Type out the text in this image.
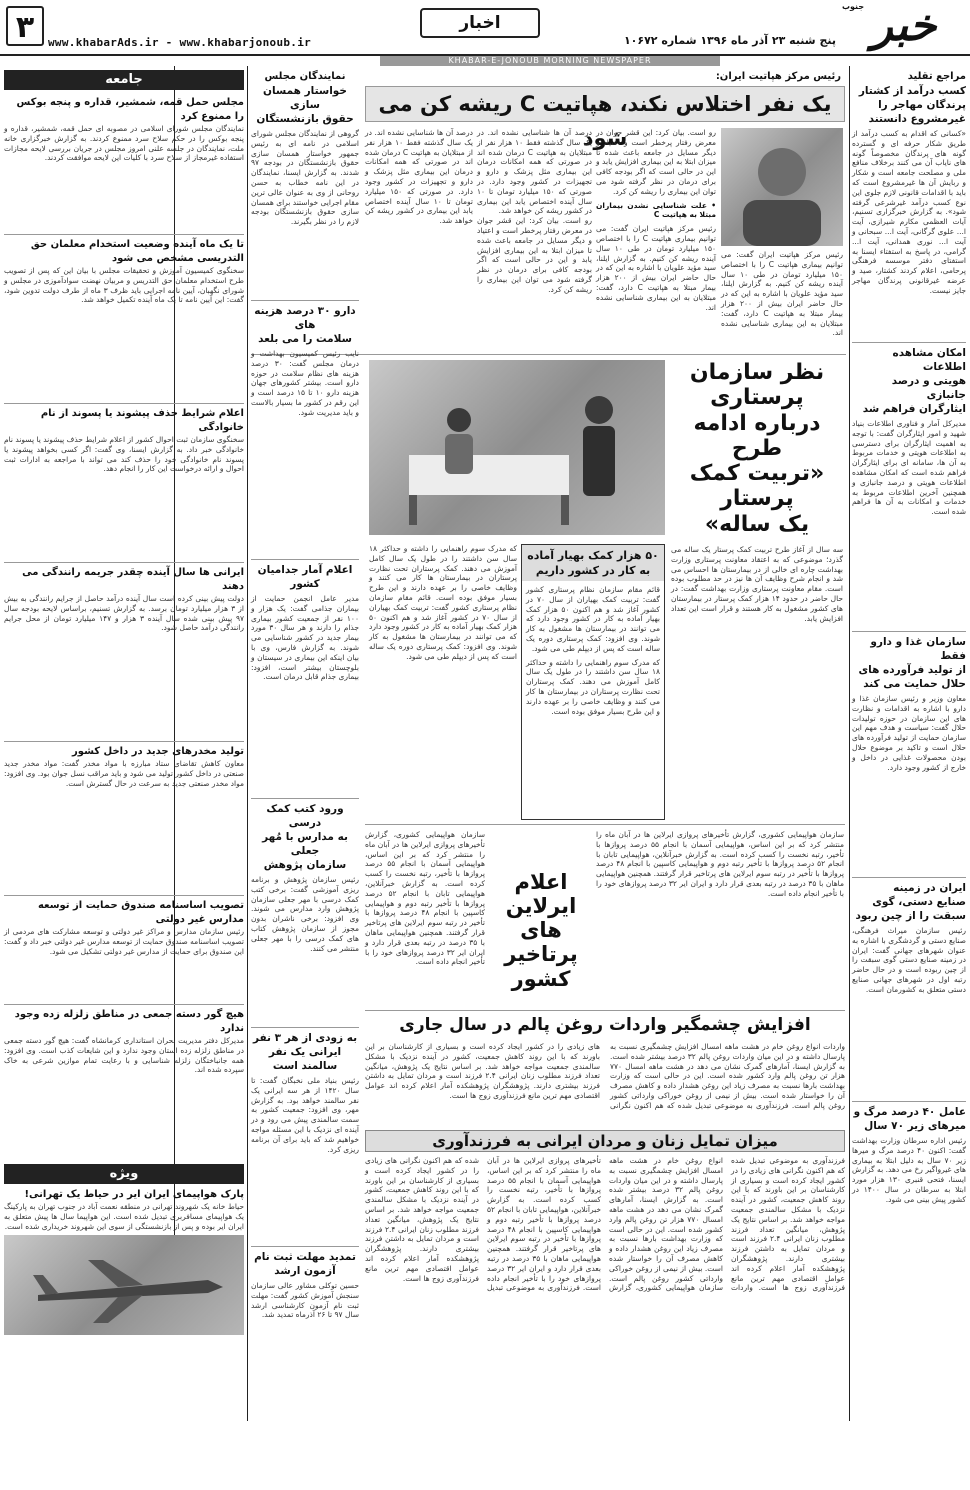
۳	www.khabarAds.ir - www.khabarjonoub.ir
اخبار	خبر
جنوب
پنج شنبه ۲۳ آذر ماه ۱۳۹۶ شماره ۱۰۶۷۲
KHABAR-E-JONOUB MORNING NEWSPAPER
مراجع تقلید
کسب درآمد از کشتار
پرندگان مهاجر را
غیرمشروع دانستند
«کسانی که اقدام به کسب درآمد از طریق شکار حرفه ای و گسترده گونه های پرندگان مخصوصاً گونه های نایاب آن می کنند برخلاف منافع ملی و مصلحت جامعه است و شکار و ربایش آن ها غیرمشروع است که باید با اقدامات قانونی لازم جلوی این نوع کسب درآمد غیرشرعی گرفته شود». به گزارش خبرگزاری تسنیم، آیات العظمی مکارم شیرازی، آیت ا... علوی گرگانی، آیت ا... سبحانی و آیت ا... نوری همدانی، آیت ا... گرامی، در پاسخ به استفتاء ایسنا به استفتای دفتر موسسه فرهنگی پرحامی، اعلام کردند کشتار، صید و عرضه غیرقانونی پرندگان مهاجر جایز نیست.
امکان مشاهده اطلاعات
هویتی و درصد جانبازی
ایثارگران فراهم شد
مدیرکل آمار و فناوری اطلاعات بنیاد شهید و امور ایثارگران گفت: با توجه به اهمیت ایثارگران برای دسترسی به اطلاعات هویتی و خدمات مربوط به آن ها، سامانه ای برای ایثارگران فراهم شده است که امکان مشاهده اطلاعات هویتی و درصد جانبازی و همچنین آخرین اطلاعات مربوط به خدمات و امکانات به آن ها فراهم شده است.
سازمان غذا و دارو فقط
از تولید فرآورده های
حلال حمایت می کند
معاون وزیر و رئیس سازمان غذا و دارو با اشاره به اقدامات و نظارت های این سازمان در حوزه تولیدات حلال گفت: سیاست و هدف مهم این سازمان حمایت از تولید فرآورده های حلال است و تاکید بر موضوع حلال بودن محصولات غذایی در داخل و خارج از کشور وجود دارد.
ایران در زمینه
صنایع دستی، گوی
سبقت را از چین ربود
رئیس سازمان میراث فرهنگی، صنایع دستی و گردشگری با اشاره به عنوان شهرهای جهانی گفت: ایران در زمینه صنایع دستی گوی سبقت را از چین ربوده است و در حال حاضر رتبه اول در شهرهای جهانی صنایع دستی متعلق به کشورمان است.
عامل ۴۰ درصد مرگ و
میرهای زیر ۷۰ سال
رئیس اداره سرطان وزارت بهداشت گفت: اکنون ۴۰ درصد مرگ و میرها زیر ۷۰ سال به دلیل ابتلا به بیماری های غیرواگیر رخ می دهد. به گزارش ایسنا، فتحی قنبری ۱۳۰ هزار مورد ابتلا به سرطان در سال ۱۴۰۰ در کشور پیش بینی می شود.
رئیس مرکز هپاتیت ایران:
یک نفر اختلاس نکند، هپاتیت C ریشه کن می شود
رئیس مرکز هپاتیت ایران گفت: می توانیم بیماری هپاتیت C را با اختصاص ۱۵۰ میلیارد تومان در طی ۱۰ سال آینده ریشه کن کنیم. به گزارش ایلنا، سید مؤید علویان با اشاره به این که در حال حاضر ایران بیش از ۲۰۰ هزار بیمار مبتلا به هپاتیت C دارد، گفت: مبتلایان به این بیماری شناسایی نشده اند.
رو است. بیان کرد: این قشر جوان در معرض رفتار پرخطر است و اعتیاد و دیگر مسایل در جامعه باعث شده تا میزان ابتلا به این بیماری افزایش یابد و این در حالی است که اگر بودجه کافی برای درمان در نظر گرفته شود می توان این بیماری را ریشه کن کرد.
• علت شناسایی نشدن بیماران مبتلا به هپاتیت C
رئیس مرکز هپاتیت ایران گفت: می توانیم بیماری هپاتیت C را با اختصاص ۱۵۰ میلیارد تومان در طی ۱۰ سال آینده ریشه کن کنیم. به گزارش ایلنا، سید مؤید علویان با اشاره به این که در حال حاضر ایران بیش از ۲۰۰ هزار بیمار مبتلا به هپاتیت C دارد، گفت: مبتلایان به این بیماری شناسایی نشده اند.
درصد آن ها شناسایی نشده اند. در یک سال گذشته فقط ۱۰ هزار نفر از مبتلایان به هپاتیت C درمان شده اند در صورتی که همه امکانات درمان این بیماری مثل پزشک و دارو و تجهیزات در کشور وجود دارد. در صورتی که ۱۵۰ میلیارد تومان تا ۱۰ سال آینده اختصاص یابد این بیماری در کشور ریشه کن خواهد شد.
رو است. بیان کرد: این قشر جوان در معرض رفتار پرخطر است و اعتیاد و دیگر مسایل در جامعه باعث شده تا میزان ابتلا به این بیماری افزایش یابد و این در حالی است که اگر بودجه کافی برای درمان در نظر گرفته شود می توان این بیماری را ریشه کن کرد.
درصد آن ها شناسایی نشده اند. در یک سال گذشته فقط ۱۰ هزار نفر از مبتلایان به هپاتیت C درمان شده اند در صورتی که همه امکانات درمان این بیماری مثل پزشک و دارو و تجهیزات در کشور وجود دارد. در صورتی که ۱۵۰ میلیارد تومان تا ۱۰ سال آینده اختصاص یابد این بیماری در کشور ریشه کن خواهد شد.
نظر سازمان پرستاری
درباره ادامه طرح
«تربیت کمک پرستار
یک ساله»
سه سال از آغاز طرح تربیت کمک پرستار یک ساله می گذرد؛ موضوعی که به اعتقاد معاونت پرستاری وزارت بهداشت چاره ای خالی از در بیمارستان ها احساس می شد و انجام شرح وظایف آن ها نیز در حد مطلوب بوده است. مقام معاونت پرستاری وزارت بهداشت گفت: در حال حاضر در حدود ۱۴ هزار کمک پرستار در بیمارستان های کشور مشغول به کار هستند و قرار است این تعداد افزایش یابد.
۵۰ هزار کمک بهیار آماده به کار در کشور داریم
قائم مقام سازمان نظام پرستاری کشور گفت: تربیت کمک بهیاران از سال ۷۰ در کشور آغاز شد و هم اکنون ۵۰ هزار کمک بهیار آماده به کار در کشور وجود دارد که می توانند در بیمارستان ها مشغول به کار شوند. وی افزود: کمک پرستاری دوره یک ساله است که پس از دیپلم طی می شود.
که مدرک سوم راهنمایی را داشته و حداکثر ۱۸ سال سن داشتند را در طول یک سال کامل آموزش می دهند. کمک پرستاران تحت نظارت پرستاران در بیمارستان ها کار می کنند و وظایف خاصی را بر عهده دارند و این طرح بسیار موفق بوده است.
که مدرک سوم راهنمایی را داشته و حداکثر ۱۸ سال سن داشتند را در طول یک سال کامل آموزش می دهند. کمک پرستاران تحت نظارت پرستاران در بیمارستان ها کار می کنند و وظایف خاصی را بر عهده دارند و این طرح بسیار موفق بوده است. قائم مقام سازمان نظام پرستاری کشور گفت: تربیت کمک بهیاران از سال ۷۰ در کشور آغاز شد و هم اکنون ۵۰ هزار کمک بهیار آماده به کار در کشور وجود دارد که می توانند در بیمارستان ها مشغول به کار شوند. وی افزود: کمک پرستاری دوره یک ساله است که پس از دیپلم طی می شود.
سازمان هواپیمایی کشوری، گزارش تأخیرهای پروازی ایرلاین ها در آبان ماه را منتشر کرد که بر این اساس، هواپیمایی آسمان با انجام ۵۵ درصد پروازها با تأخیر، رتبه نخست را کسب کرده است. به گزارش خبرآنلاین، هواپیمایی تابان با انجام ۵۲ درصد پروازها با تأخیر رتبه دوم و هواپیمایی کاسپین با انجام ۴۸ درصد پروازها با تأخیر در رتبه سوم ایرلاین های پرتاخیر قرار گرفتند. همچنین هواپیمایی ماهان با ۳۵ درصد در رتبه بعدی قرار دارد و ایران ایر ۳۲ درصد پروازهای خود را با تأخیر انجام داده است.
اعلام
ایرلاین های
پرتاخیر
کشور
سازمان هواپیمایی کشوری، گزارش تأخیرهای پروازی ایرلاین ها در آبان ماه را منتشر کرد که بر این اساس، هواپیمایی آسمان با انجام ۵۵ درصد پروازها با تأخیر، رتبه نخست را کسب کرده است. به گزارش خبرآنلاین، هواپیمایی تابان با انجام ۵۲ درصد پروازها با تأخیر رتبه دوم و هواپیمایی کاسپین با انجام ۴۸ درصد پروازها با تأخیر در رتبه سوم ایرلاین های پرتاخیر قرار گرفتند. همچنین هواپیمایی ماهان با ۳۵ درصد در رتبه بعدی قرار دارد و ایران ایر ۳۲ درصد پروازهای خود را با تأخیر انجام داده است.
افزایش چشمگیر واردات روغن پالم در سال جاری
واردات انواع روغن خام در هشت ماهه امسال افزایش چشمگیری نسبت به پارسال داشته و در این میان واردات روغن پالم ۳۲ درصد بیشتر شده است. به گزارش ایسنا، آمارهای گمرک نشان می دهد در هشت ماهه امسال ۷۷۰ هزار تن روغن پالم وارد کشور شده است. این در حالی است که وزارت بهداشت بارها نسبت به مصرف زیاد این روغن هشدار داده و کاهش مصرف آن را خواستار شده است. بیش از نیمی از روغن خوراکی وارداتی کشور روغن پالم است. فرزندآوری به موضوعی تبدیل شده که هم اکنون نگرانی های زیادی را در کشور ایجاد کرده است و بسیاری از کارشناسان بر این باورند که با این روند کاهش جمعیت، کشور در آینده نزدیک با مشکل سالمندی جمعیت مواجه خواهد شد. بر اساس نتایج یک پژوهش، میانگین تعداد فرزند مطلوب زنان ایرانی ۲.۴ فرزند است و مردان تمایل به داشتن فرزند بیشتری دارند. پژوهشگران پژوهشکده آمار اعلام کرده اند عوامل اقتصادی مهم ترین مانع فرزندآوری زوج ها است.
میزان تمایل زنان و مردان ایرانی به فرزندآوری
فرزندآوری به موضوعی تبدیل شده که هم اکنون نگرانی های زیادی را در کشور ایجاد کرده است و بسیاری از کارشناسان بر این باورند که با این روند کاهش جمعیت، کشور در آینده نزدیک با مشکل سالمندی جمعیت مواجه خواهد شد. بر اساس نتایج یک پژوهش، میانگین تعداد فرزند مطلوب زنان ایرانی ۲.۴ فرزند است و مردان تمایل به داشتن فرزند بیشتری دارند. پژوهشگران پژوهشکده آمار اعلام کرده اند عوامل اقتصادی مهم ترین مانع فرزندآوری زوج ها است. واردات انواع روغن خام در هشت ماهه امسال افزایش چشمگیری نسبت به پارسال داشته و در این میان واردات روغن پالم ۳۲ درصد بیشتر شده است. به گزارش ایسنا، آمارهای گمرک نشان می دهد در هشت ماهه امسال ۷۷۰ هزار تن روغن پالم وارد کشور شده است. این در حالی است که وزارت بهداشت بارها نسبت به مصرف زیاد این روغن هشدار داده و کاهش مصرف آن را خواستار شده است. بیش از نیمی از روغن خوراکی وارداتی کشور روغن پالم است. سازمان هواپیمایی کشوری، گزارش تأخیرهای پروازی ایرلاین ها در آبان ماه را منتشر کرد که بر این اساس، هواپیمایی آسمان با انجام ۵۵ درصد پروازها با تأخیر، رتبه نخست را کسب کرده است. به گزارش خبرآنلاین، هواپیمایی تابان با انجام ۵۲ درصد پروازها با تأخیر رتبه دوم و هواپیمایی کاسپین با انجام ۴۸ درصد پروازها با تأخیر در رتبه سوم ایرلاین های پرتاخیر قرار گرفتند. همچنین هواپیمایی ماهان با ۳۵ درصد در رتبه بعدی قرار دارد و ایران ایر ۳۲ درصد پروازهای خود را با تأخیر انجام داده است. فرزندآوری به موضوعی تبدیل شده که هم اکنون نگرانی های زیادی را در کشور ایجاد کرده است و بسیاری از کارشناسان بر این باورند که با این روند کاهش جمعیت، کشور در آینده نزدیک با مشکل سالمندی جمعیت مواجه خواهد شد. بر اساس نتایج یک پژوهش، میانگین تعداد فرزند مطلوب زنان ایرانی ۲.۴ فرزند است و مردان تمایل به داشتن فرزند بیشتری دارند. پژوهشگران پژوهشکده آمار اعلام کرده اند عوامل اقتصادی مهم ترین مانع فرزندآوری زوج ها است.
نمایندگان مجلس
خواستار همسان سازی
حقوق بازنشستگان
گروهی از نمایندگان مجلس شورای اسلامی در نامه ای به رئیس جمهور خواستار همسان سازی حقوق بازنشستگان در بودجه ۹۷ شدند. به گزارش ایسنا، نمایندگان در این نامه خطاب به حسن روحانی از وی به عنوان عالی ترین مقام اجرایی خواستند برای همسان سازی حقوق بازنشستگان بودجه لازم را در نظر بگیرند.
دارو ۳۰ درصد هزینه های
سلامت را می بلعد
نایب رئیس کمیسیون بهداشت و درمان مجلس گفت: ۳۰ درصد هزینه های نظام سلامت در حوزه دارو است. بیشتر کشورهای جهان هزینه دارو ۱۰ تا ۱۵ درصد است و این رقم در کشور ما بسیار بالاست و باید مدیریت شود.
اعلام آمار جدامیان کشور
مدیر عامل انجمن حمایت از بیماران جذامی گفت: یک هزار و ۱۰۰ نفر از جمعیت کشور بیماری جذام را دارند و هر سال ۳۰ مورد بیمار جدید در کشور شناسایی می شوند. به گزارش فارس، وی با بیان اینکه این بیماری در سیستان و بلوچستان بیشتر است، افزود: بیماری جذام قابل درمان است.
ورود کتب کمک درسی
به مدارس با مُهر جعلی
سازمان پژوهش
رئیس سازمان پژوهش و برنامه ریزی آموزشی گفت: برخی کتب کمک درسی با مهر جعلی سازمان پژوهش وارد مدارس می شوند. وی افزود: برخی ناشران بدون مجوز از سازمان پژوهش کتاب های کمک درسی را با مهر جعلی منتشر می کنند.
به زودی از هر ۳ نفر
ایرانی یک نفر
سالمند است
رئیس بنیاد ملی نخبگان گفت: تا سال ۱۴۲۰ از هر سه ایرانی یک نفر سالمند خواهد بود. به گزارش مهر، وی افزود: جمعیت کشور به سمت سالمندی پیش می رود و در آینده ای نزدیک با این مسئله مواجه خواهیم شد که باید برای آن برنامه ریزی کرد.
تمدید مهلت ثبت نام
آزمون ارشد
حسین توکلی مشاور عالی سازمان سنجش آموزش کشور گفت: مهلت ثبت نام آزمون کارشناسی ارشد سال ۹۷ تا ۲۶ آذرماه تمدید شد.
جامعه
مجلس حمل قمه، شمشیر، قداره و پنجه بوکس را ممنوع کرد
نمایندگان مجلس شورای اسلامی در مصوبه ای حمل قمه، شمشیر، قداره و پنجه بوکس را در حکم سلاح سرد ممنوع کردند. به گزارش خبرگزاری خانه ملت، نمایندگان در جلسه علنی امروز مجلس در جریان بررسی لایحه مجازات استفاده غیرمجاز از سلاح سرد با کلیات این لایحه موافقت کردند.
تا یک ماه آینده وضعیت استخدام معلمان حق التدریسی مشخص می شود
سخنگوی کمیسیون آموزش و تحقیقات مجلس با بیان این که پس از تصویب طرح استخدام معلمان حق التدریس و مربیان نهضت سوادآموزی در مجلس و شورای نگهبان، آیین نامه اجرایی باید ظرف ۳ ماه از طرف دولت تدوین شود، گفت: این آیین نامه تا یک ماه آینده تکمیل خواهد شد.
اعلام شرایط حذف پیشوند یا پسوند از نام خانوادگی
سخنگوی سازمان ثبت احوال کشور از اعلام شرایط حذف پیشوند یا پسوند نام خانوادگی خبر داد. به گزارش ایسنا، وی گفت: اگر کسی بخواهد پیشوند یا پسوند نام خانوادگی خود را حذف کند می تواند با مراجعه به ادارات ثبت احوال و ارائه درخواست این کار را انجام دهد.
ایرانی ها سال آینده چقدر جریمه رانندگی می دهند
دولت پیش بینی کرده است سال آینده درآمد حاصل از جرایم رانندگی به بیش از ۳ هزار میلیارد تومان برسد. به گزارش تسنیم، براساس لایحه بودجه سال ۹۷ پیش بینی شده سال آینده ۳ هزار و ۱۴۷ میلیارد تومان از محل جرایم رانندگی درآمد حاصل شود.
تولید مخدرهای جدید در داخل کشور
معاون کاهش تقاضای ستاد مبارزه با مواد مخدر گفت: مواد مخدر جدید صنعتی در داخل کشور تولید می شود و باید مراقب نسل جوان بود. وی افزود: مواد مخدر صنعتی جدید به سرعت در حال گسترش است.
تصویب اساسنامه صندوق حمایت از توسعه مدارس غیر دولتی
رئیس سازمان مدارس و مراکز غیر دولتی و توسعه مشارکت های مردمی از تصویب اساسنامه صندوق حمایت از توسعه مدارس غیر دولتی خبر داد و گفت: این صندوق برای حمایت از مدارس غیر دولتی تشکیل می شود.
هیچ گور دسته جمعی در مناطق زلزله زده وجود ندارد
مدیرکل دفتر مدیریت بحران استانداری کرمانشاه گفت: هیچ گور دسته جمعی در مناطق زلزله زده استان وجود ندارد و این شایعات کذب است. وی افزود: همه جانباختگان زلزله شناسایی و با رعایت تمام موازین شرعی به خاک سپرده شده اند.
ویژه
پارک هواپیمای ایران ایر در حیاط یک تهرانی!
حیاط خانه یک شهروند تهرانی در منطقه نعمت آباد در جنوب تهران به پارکینگ یک هواپیمای مسافربری تبدیل شده است. این هواپیما سال ها پیش متعلق به ایران ایر بوده و پس از بازنشستگی از سوی این شهروند خریداری شده است.
